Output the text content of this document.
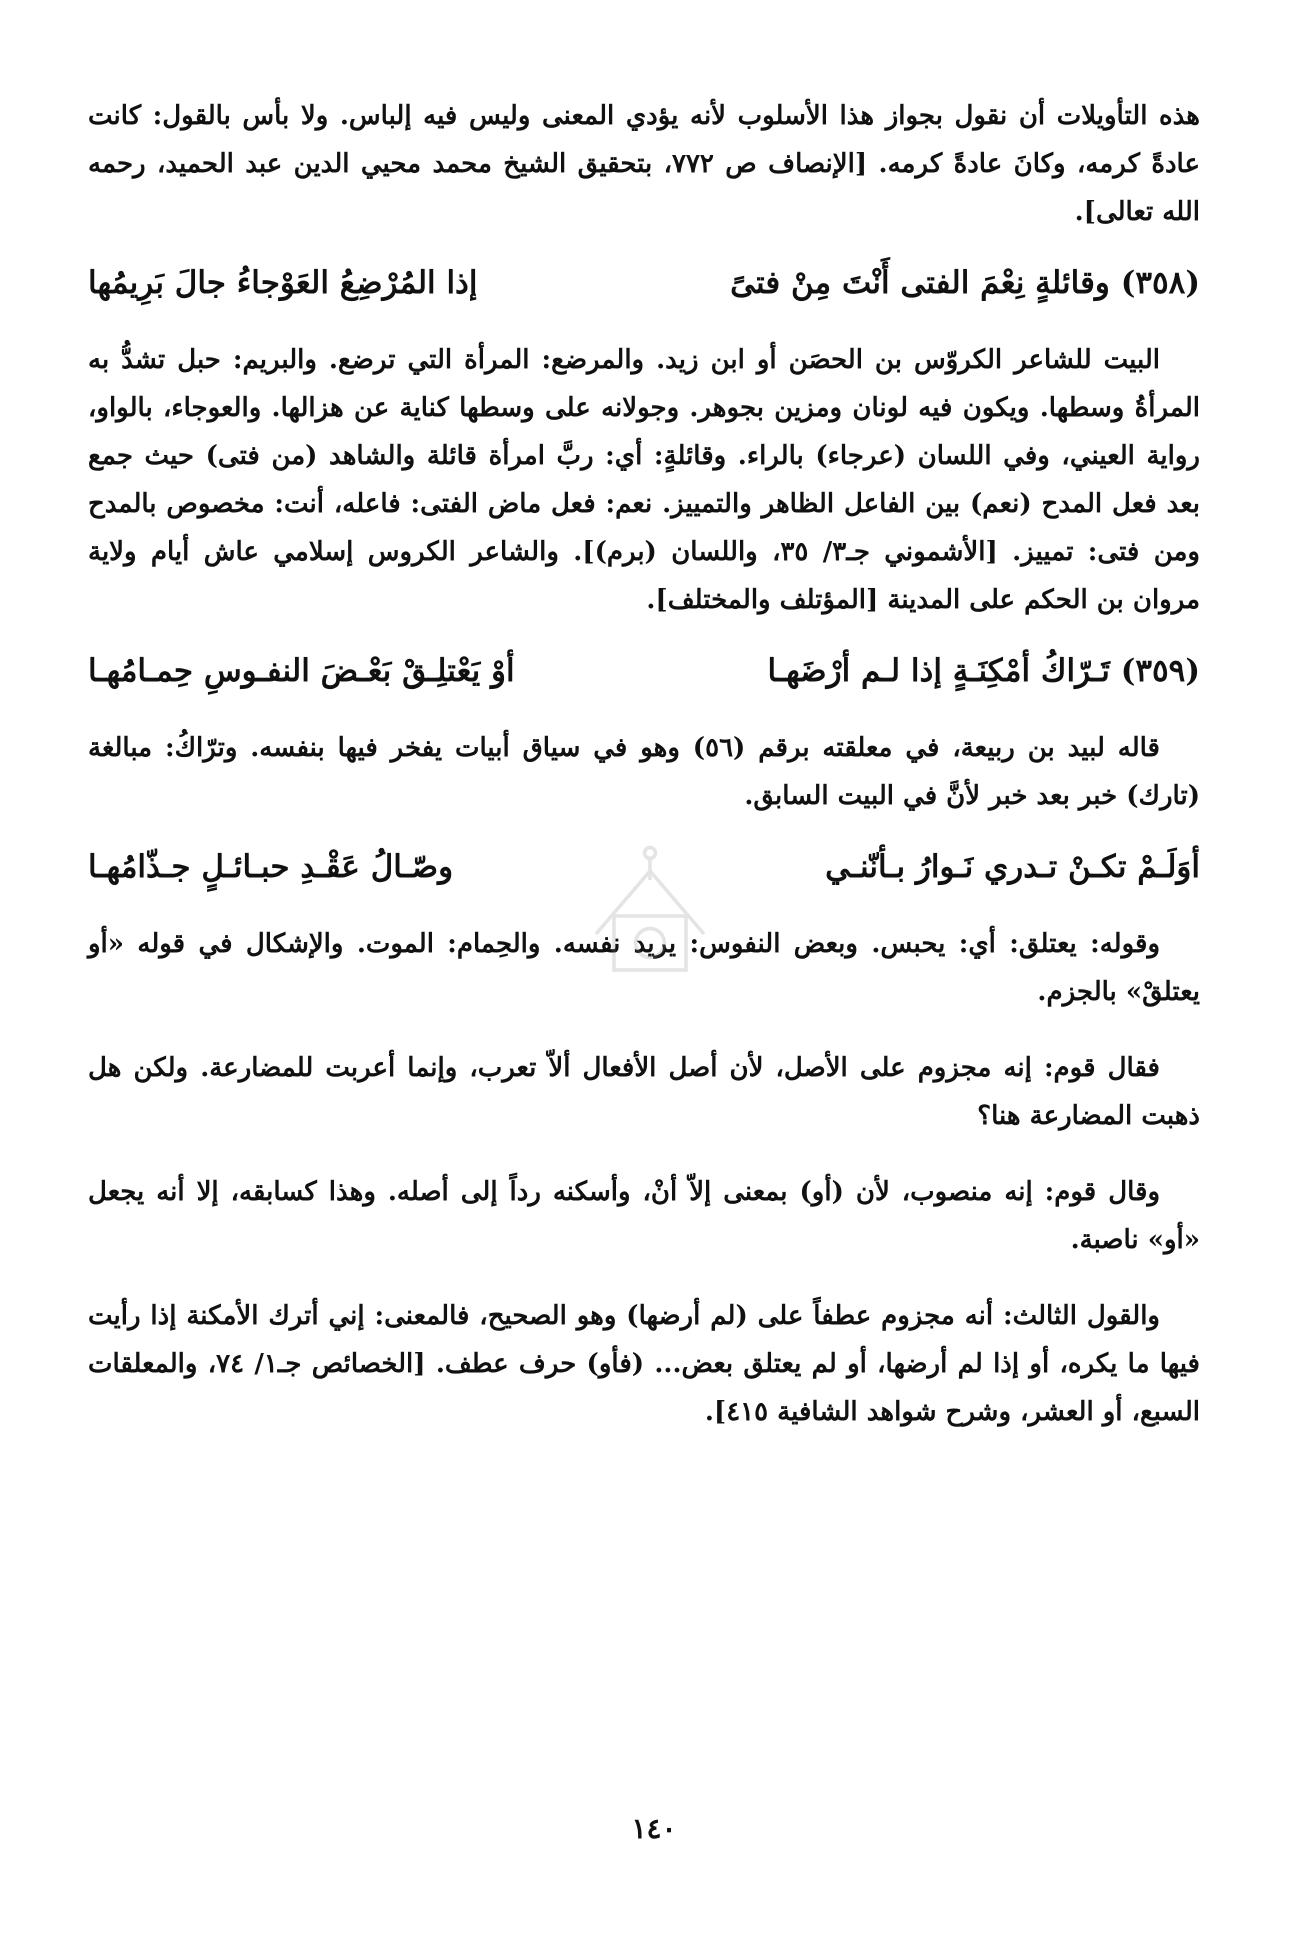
هذه التأويلات أن نقول بجواز هذا الأسلوب لأنه يؤدي المعنى وليس فيه إلباس. ولا بأس بالقول: كانت عادةً كرمه، وكانَ عادةً كرمه. [الإنصاف ص ٧٧٢، بتحقيق الشيخ محمد محيي الدين عبد الحميد، رحمه الله تعالى].

(٣٥٨) وقائلةٍ نِعْمَ الفتى أَنْتَ مِنْ فتىً
إذا المُرْضِعُ العَوْجاءُ جالَ بَرِيمُها

البيت للشاعر الكروّس بن الحصَن أو ابن زيد. والمرضع: المرأة التي ترضع. والبريم: حبل تشدُّ به المرأةُ وسطها. ويكون فيه لونان ومزين بجوهر. وجولانه على وسطها كناية عن هزالها. والعوجاء، بالواو، رواية العيني، وفي اللسان (عرجاء) بالراء. وقائلةٍ: أي: ربَّ امرأة قائلة والشاهد (من فتى) حيث جمع بعد فعل المدح (نعم) بين الفاعل الظاهر والتمييز. نعم: فعل ماض الفتى: فاعله، أنت: مخصوص بالمدح ومن فتى: تمييز. [الأشموني جـ٣/ ٣٥، واللسان (برم)]. والشاعر الكروس إسلامي عاش أيام ولاية مروان بن الحكم على المدينة [المؤتلف والمختلف].

(٣٥٩) تَـرّاكُ أمْكِنَـةٍ إذا لـم أرْضَهـا
أوْ يَعْتلِـقْ بَعْـضَ النفـوسِ حِمـامُهـا

قاله لبيد بن ربيعة، في معلقته برقم (٥٦) وهو في سياق أبيات يفخر فيها بنفسه. وترّاكُ: مبالغة (تارك) خبر بعد خبر لأنَّ في البيت السابق.

أوَلَـمْ تكـنْ تـدري نَـوارُ بـأنّنـي
وصّـالُ عَقْـدِ حبـائـلٍ جـذّامُهـا

وقوله: يعتلق: أي: يحبس. وبعض النفوس: يريد نفسه. والحِمام: الموت. والإشكال في قوله «أو يعتلقْ» بالجزم.

فقال قوم: إنه مجزوم على الأصل، لأن أصل الأفعال ألاّ تعرب، وإنما أعربت للمضارعة. ولكن هل ذهبت المضارعة هنا؟

وقال قوم: إنه منصوب، لأن (أو) بمعنى إلاّ أنْ، وأسكنه رداً إلى أصله. وهذا كسابقه، إلا أنه يجعل «أو» ناصبة.

والقول الثالث: أنه مجزوم عطفاً على (لم أرضها) وهو الصحيح، فالمعنى: إني أترك الأمكنة إذا رأيت فيها ما يكره، أو إذا لم أرضها، أو لم يعتلق بعض... (فأو) حرف عطف. [الخصائص جـ١/ ٧٤، والمعلقات السبع، أو العشر، وشرح شواهد الشافية ٤١٥].

١٤٠
